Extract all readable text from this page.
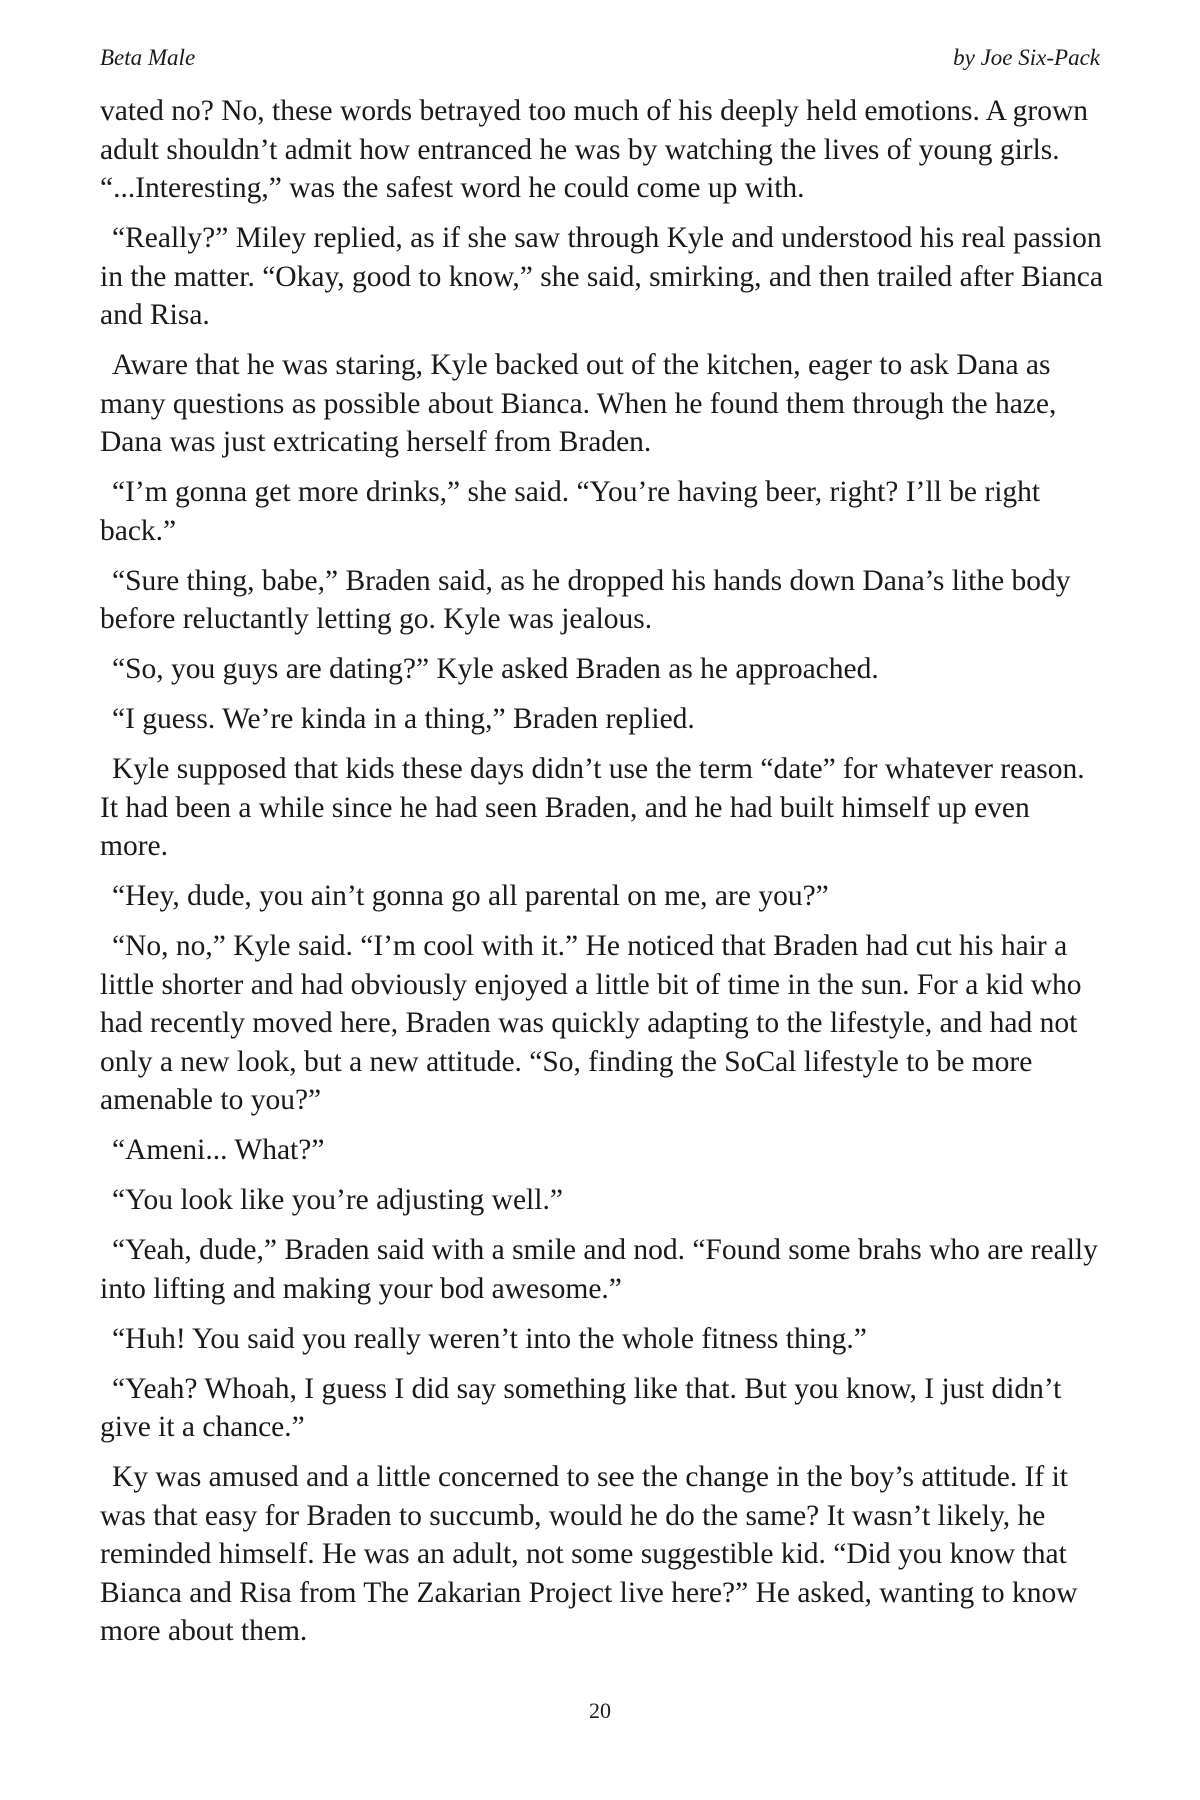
Beta Male	by Joe Six-Pack

vated no? No, these words betrayed too much of his deeply held emotions. A grown adult shouldn’t admit how entranced he was by watching the lives of young girls. “...Interesting,” was the safest word he could come up with.

“Really?” Miley replied, as if she saw through Kyle and understood his real passion in the matter. “Okay, good to know,” she said, smirking, and then trailed after Bianca and Risa.

Aware that he was staring, Kyle backed out of the kitchen, eager to ask Dana as many questions as possible about Bianca. When he found them through the haze, Dana was just extricating herself from Braden.

“I’m gonna get more drinks,” she said. “You’re having beer, right? I’ll be right back.”

“Sure thing, babe,” Braden said, as he dropped his hands down Dana’s lithe body before reluctantly letting go. Kyle was jealous.

“So, you guys are dating?” Kyle asked Braden as he approached.

“I guess. We’re kinda in a thing,” Braden replied.

Kyle supposed that kids these days didn’t use the term “date” for whatever reason. It had been a while since he had seen Braden, and he had built himself up even more.

“Hey, dude, you ain’t gonna go all parental on me, are you?”

“No, no,” Kyle said. “I’m cool with it.” He noticed that Braden had cut his hair a little shorter and had obviously enjoyed a little bit of time in the sun. For a kid who had recently moved here, Braden was quickly adapting to the lifestyle, and had not only a new look, but a new attitude. “So, finding the SoCal lifestyle to be more amenable to you?”

“Ameni... What?”

“You look like you’re adjusting well.”

“Yeah, dude,” Braden said with a smile and nod. “Found some brahs who are really into lifting and making your bod awesome.”

“Huh! You said you really weren’t into the whole fitness thing.”

“Yeah? Whoah, I guess I did say something like that. But you know, I just didn’t give it a chance.”

Ky was amused and a little concerned to see the change in the boy’s attitude. If it was that easy for Braden to succumb, would he do the same? It wasn’t likely, he reminded himself. He was an adult, not some suggestible kid. “Did you know that Bianca and Risa from The Zakarian Project live here?” He asked, wanting to know more about them.

20
